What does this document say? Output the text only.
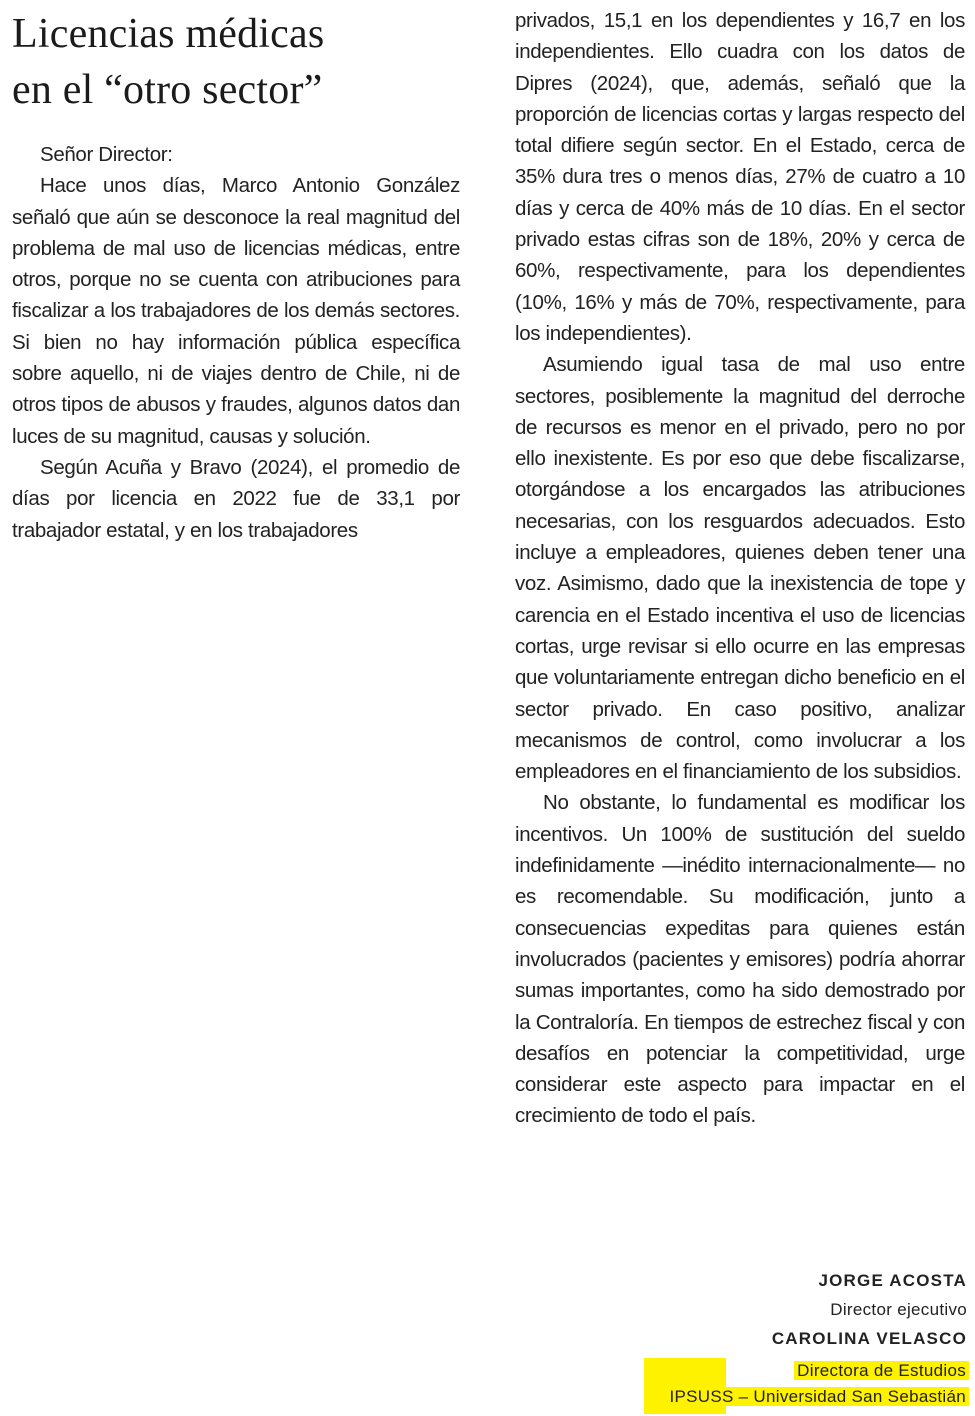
Licencias médicas
en el “otro sector”

Señor Director:

Hace unos días, Marco Antonio González señaló que aún se desconoce la real magnitud del problema de mal uso de licencias médicas, entre otros, porque no se cuenta con atribuciones para fiscalizar a los trabajadores de los demás sectores. Si bien no hay información pública específica sobre aquello, ni de viajes dentro de Chile, ni de otros tipos de abusos y fraudes, algunos datos dan luces de su magnitud, causas y solución.

Según Acuña y Bravo (2024), el promedio de días por licencia en 2022 fue de 33,1 por trabajador estatal, y en los trabajadores

privados, 15,1 en los dependientes y 16,7 en los independientes. Ello cuadra con los datos de Dipres (2024), que, además, señaló que la proporción de licencias cortas y largas respecto del total difiere según sector. En el Estado, cerca de 35% dura tres o menos días, 27% de cuatro a 10 días y cerca de 40% más de 10 días. En el sector privado estas cifras son de 18%, 20% y cerca de 60%, respectivamente, para los dependientes (10%, 16% y más de 70%, respectivamente, para los independientes).

Asumiendo igual tasa de mal uso entre sectores, posiblemente la magnitud del derroche de recursos es menor en el privado, pero no por ello inexistente. Es por eso que debe fiscalizarse, otorgándose a los encargados las atribuciones necesarias, con los resguardos adecuados. Esto incluye a empleadores, quienes deben tener una voz. Asimismo, dado que la inexistencia de tope y carencia en el Estado incentiva el uso de licencias cortas, urge revisar si ello ocurre en las empresas que voluntariamente entregan dicho beneficio en el sector privado. En caso positivo, analizar mecanismos de control, como involucrar a los empleadores en el financiamiento de los subsidios.

No obstante, lo fundamental es modificar los incentivos. Un 100% de sustitución del sueldo indefinidamente —inédito internacionalmente— no es recomendable. Su modificación, junto a consecuencias expeditas para quienes están involucrados (pacientes y emisores) podría ahorrar sumas importantes, como ha sido demostrado por la Contraloría. En tiempos de estrechez fiscal y con desafíos en potenciar la competitividad, urge considerar este aspecto para impactar en el crecimiento de todo el país.

JORGE ACOSTA
Director ejecutivo
CAROLINA VELASCO
Directora de Estudios
IPSUSS – Universidad San Sebastián
